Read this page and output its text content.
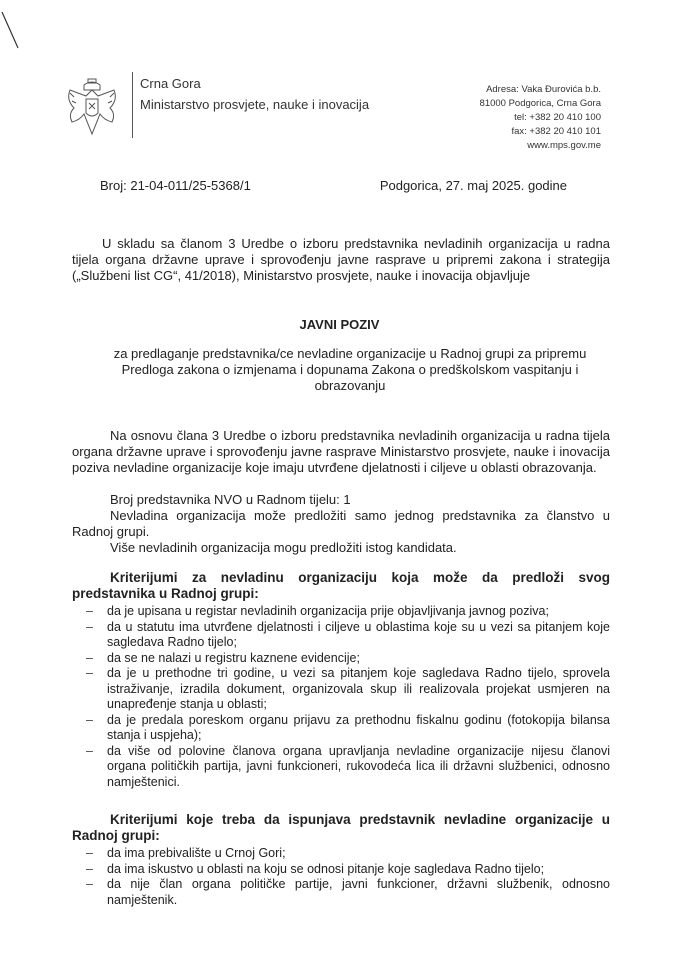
Crna Gora
Ministarstvo prosvjete, nauke i inovacija
Adresa: Vaka Đurovića b.b.
81000 Podgorica, Crna Gora
tel: +382 20 410 100
fax: +382 20 410 101
www.mps.gov.me
Broj: 21-04-011/25-5368/1	Podgorica, 27. maj 2025. godine

U skladu sa članom 3 Uredbe o izboru predstavnika nevladinih organizacija u radna tijela organa državne uprave i sprovođenju javne rasprave u pripremi zakona i strategija („Službeni list CG“, 41/2018), Ministarstvo prosvjete, nauke i inovacija objavljuje

JAVNI POZIV
za predlaganje predstavnika/ce nevladine organizacije u Radnoj grupi za pripremu Predloga zakona o izmjenama i dopunama Zakona o predškolskom vaspitanju i obrazovanju

Na osnovu člana 3 Uredbe o izboru predstavnika nevladinih organizacija u radna tijela organa državne uprave i sprovođenju javne rasprave Ministarstvo prosvjete, nauke i inovacija poziva nevladine organizacije koje imaju utvrđene djelatnosti i ciljeve u oblasti obrazovanja.

Broj predstavnika NVO u Radnom tijelu: 1

Nevladina organizacija može predložiti samo jednog predstavnika za članstvo u Radnoj grupi.

Više nevladinih organizacija mogu predložiti istog kandidata.

Kriterijumi za nevladinu organizaciju koja može da predloži svog predstavnika u Radnoj grupi:
– da je upisana u registar nevladinih organizacija prije objavljivanja javnog poziva;
– da u statutu ima utvrđene djelatnosti i ciljeve u oblastima koje su u vezi sa pitanjem koje sagledava Radno tijelo;
– da se ne nalazi u registru kaznene evidencije;
– da je u prethodne tri godine, u vezi sa pitanjem koje sagledava Radno tijelo, sprovela istraživanje, izradila dokument, organizovala skup ili realizovala projekat usmjeren na unapređenje stanja u oblasti;
– da je predala poreskom organu prijavu za prethodnu fiskalnu godinu (fotokopija bilansa stanja i uspjeha);
– da više od polovine članova organa upravljanja nevladine organizacije nijesu članovi organa političkih partija, javni funkcioneri, rukovodeća lica ili državni službenici, odnosno namještenici.
Kriterijumi koje treba da ispunjava predstavnik nevladine organizacije u Radnoj grupi:
– da ima prebivalište u Crnoj Gori;
– da ima iskustvo u oblasti na koju se odnosi pitanje koje sagledava Radno tijelo;
– da nije član organa političke partije, javni funkcioner, državni službenik, odnosno namještenik.
